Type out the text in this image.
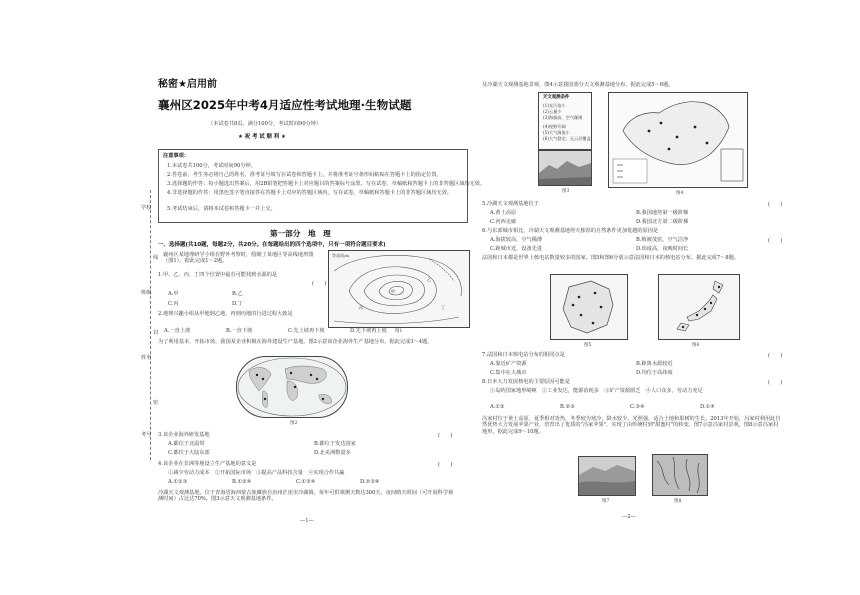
秘密★启用前
襄州区2025年中考4月适应性考试地理·生物试题
（本试卷共8页，满分100分，考试时间90分钟）
★ 祝 考 试 顺 利 ★
注意事项：
1.本试卷共100分，考试时间90分钟。
2.答卷前，考生务必将自己的姓名、准考证号填写在试卷和答题卡上，并将准考证号条形码粘贴在答题卡上的指定位置。
3.选择题的作答：每小题选出答案后，用2B铅笔把答题卡上对应题目的答案标号涂黑。写在试卷、草稿纸和答题卡上的非答题区域均无效。
4.非选择题的作答：用黑色签字笔直接答在答题卡上对应的答题区域内。写在试卷、草稿纸和答题卡上的非答题区域均无效。
5.考试结束后，请将本试卷和答题卡一并上交。
学校
班级
姓名
考号
线
封
密
第一部分　地　理
一、选择题(共10题，每题2分，共20分。在每题给出的四个选项中，只有一项符合题目要求)
襄州区某地理研学小组在野外考察时，绘制了某地区等高线地形图（图1）。据此完成1～2题。
甲
乙
丙	丁
等高线/m
图1
1.甲、乙、丙、丁四个位置中最有可能找到水源的是
(　　)
A.甲	B.乙
C.丙	D.丁
2.地理兴趣小组从甲地到乙地，再到丙地的行进过程大致是
A.一直上坡	B.一直下坡	C.先上坡再下坡	D.先下坡再上坡
为了利用基本、开拓市场，我国某企业积极在海外建设生产基地。图2示意该企业海外生产基地分布。据此完成3～4题。
图2
3.该企业海外研发基地	(　　)
A.都位于北温带	B.都位于发达国家
C.都位于大陆东部	D.北美洲数量多
4.该企业在非洲等地设立生产基地的意义是	(　　)
①减少劳动力成本　②开拓国际市场　③提高产品科技含量　④实现合作共赢
A.①②③	B.①②④	C.①③④	D.②③④
冷湖天文观测基地，位于青海省海西蒙古族藏族自治州茫崖市冷湖镇，每年可供观测天数达300天，夜间晴天时间（可开展科学观测时间）占比达70%。图3示意天文观测基地条件。
—1—
及冷湖天文观测基地景观，图4示意我国部分天文观测基地分布。据此完成5～6题。
天文观测条件
(1)光污染小
(2)云量少
(3)海拔高，空气稀薄
(4)视野开阔
(5)大气湍流小
(6)大气稳定，无云层覆盖
图3	图4
5.冷湖天文观测基地位于	(　　)
A.黄土高原	B.我国地势第一级阶梯
C.河西走廊	D.我国北方第二级阶梯
6.与东部城市相比，冷湖天文观测基地得天独厚的自然条件更加优越的原因是
(　　)
A.海拔较高，空气稀薄	B.植被茂密，空气洁净
C.距城市近，设备先进	D.纬度高，夜晚时间长
法国和日本都是世界上核电站数量较多的国家。图5和图6分别示意法国和日本的核电站分布。据此完成7～8题。
图5	图6
7.法国和日本核电站分布的相同点是	(　　)
A.靠近矿产资源	B.距离水源较近
C.集中在大城市	D.均位于高纬度
8.日本大力发展核电的主要原因可能是	(　　)
①岛屿国家地形崎岖　②工业发达，能源消耗多　③矿产资源匮乏　④人口众多，劳动力充足
A.①②	B.②③	C.③④	D.①④
冯家村位于黄土高原，夏季相对炎热，冬季较为寒冷，降水较少，光照强，适合土地和果树的生长。2013年开始，冯家村利用此自然优势大力发展苹果产业，培育出了优质的"冯家苹果"，实现了由传统村到"甜蜜村"的转变。图7示意冯家村景观，图8示意冯家村地形。据此完成9～10题。
图7	图8
—2—
